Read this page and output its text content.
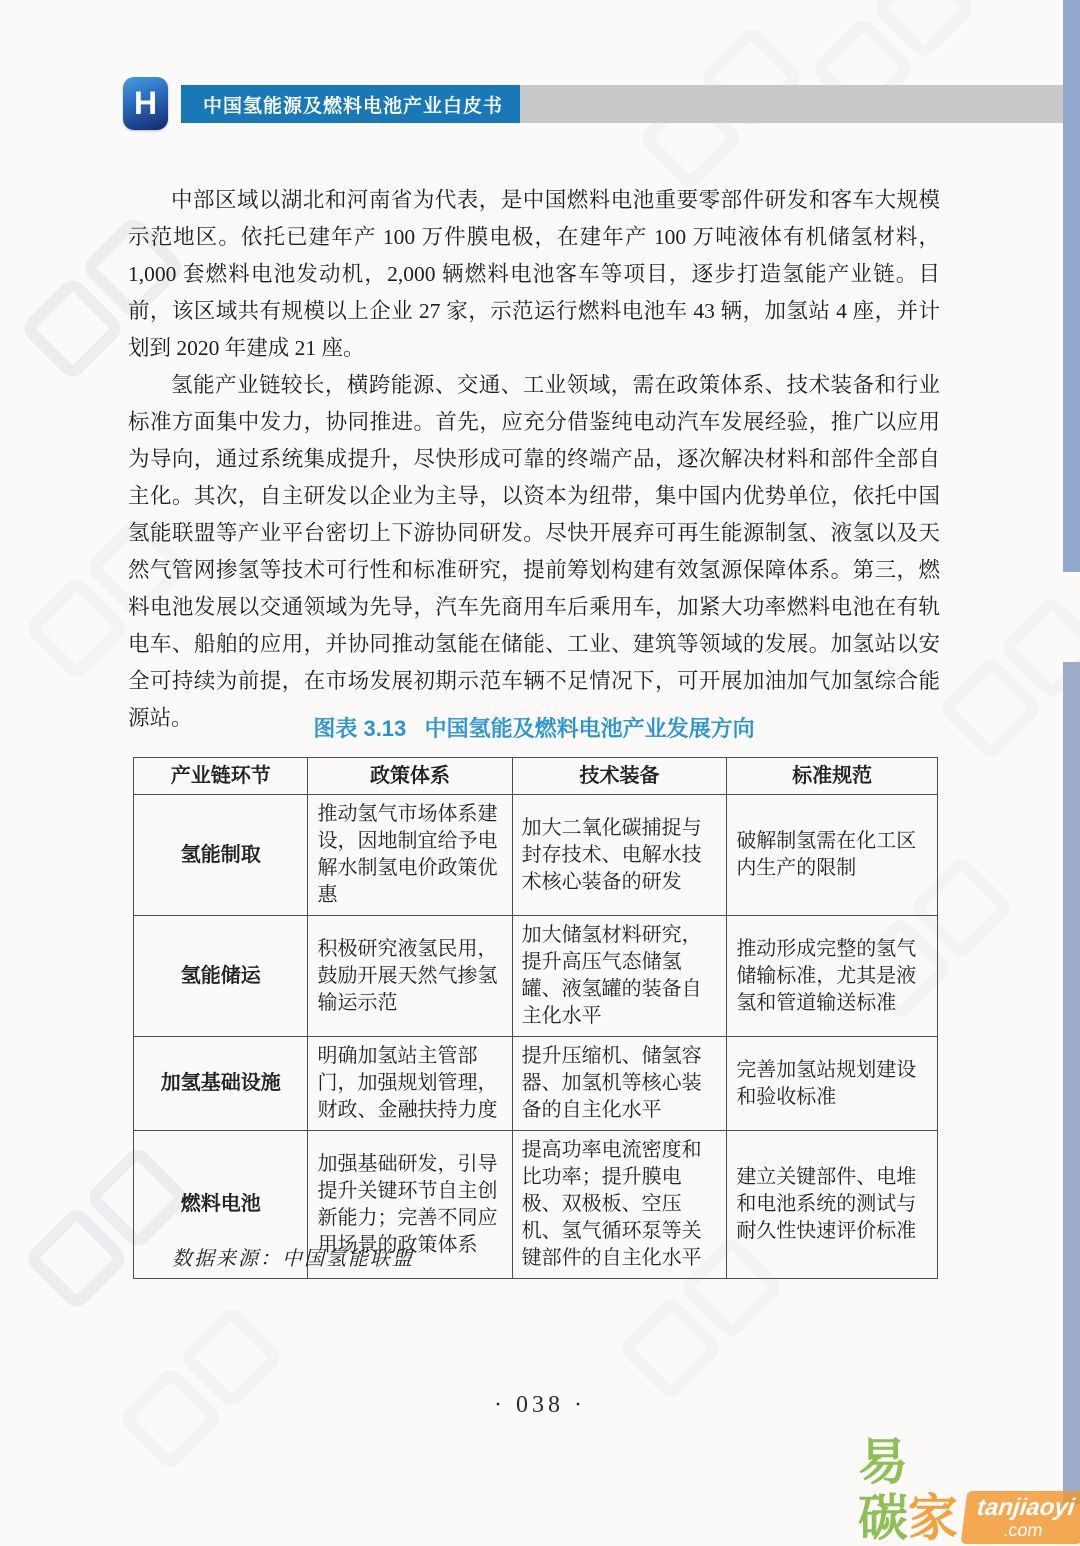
中国氢能源及燃料电池产业白皮书
H

中部区域以湖北和河南省为代表，是中国燃料电池重要零部件研发和客车大规模示范地区。依托已建年产 100 万件膜电极，在建年产 100 万吨液体有机储氢材料，1,000 套燃料电池发动机，2,000 辆燃料电池客车等项目，逐步打造氢能产业链。目前，该区域共有规模以上企业 27 家，示范运行燃料电池车 43 辆，加氢站 4 座，并计划到 2020 年建成 21 座。

氢能产业链较长，横跨能源、交通、工业领域，需在政策体系、技术装备和行业标准方面集中发力，协同推进。首先，应充分借鉴纯电动汽车发展经验，推广以应用为导向，通过系统集成提升，尽快形成可靠的终端产品，逐次解决材料和部件全部自主化。其次，自主研发以企业为主导，以资本为纽带，集中国内优势单位，依托中国氢能联盟等产业平台密切上下游协同研发。尽快开展弃可再生能源制氢、液氢以及天然气管网掺氢等技术可行性和标准研究，提前筹划构建有效氢源保障体系。第三，燃料电池发展以交通领域为先导，汽车先商用车后乘用车，加紧大功率燃料电池在有轨电车、船舶的应用，并协同推动氢能在储能、工业、建筑等领域的发展。加氢站以安全可持续为前提，在市场发展初期示范车辆不足情况下，可开展加油加气加氢综合能源站。	图表 3.13 中国氢能及燃料电池产业发展方向
产业链环节	政策体系	技术装备	标准规范
氢能制取	推动氢气市场体系建设，因地制宜给予电解水制氢电价政策优惠	加大二氧化碳捕捉与封存技术、电解水技术核心装备的研发	破解制氢需在化工区内生产的限制
氢能储运	积极研究液氢民用，鼓励开展天然气掺氢输运示范	加大储氢材料研究，提升高压气态储氢罐、液氢罐的装备自主化水平	推动形成完整的氢气储输标准，尤其是液氢和管道输送标准
加氢基础设施	明确加氢站主管部门，加强规划管理，财政、金融扶持力度	提升压缩机、储氢容器、加氢机等核心装备的自主化水平	完善加氢站规划建设和验收标准
燃料电池	加强基础研发，引导提升关键环节自主创新能力；完善不同应用场景的政策体系	提高功率电流密度和比功率；提升膜电极、双极板、空压机、氢气循环泵等关键部件的自主化水平	建立关键部件、电堆和电池系统的测试与耐久性快速评价标准
数据来源：中国氢能联盟
· 038 ·
易碳 家 tanjiaoyi
.com
